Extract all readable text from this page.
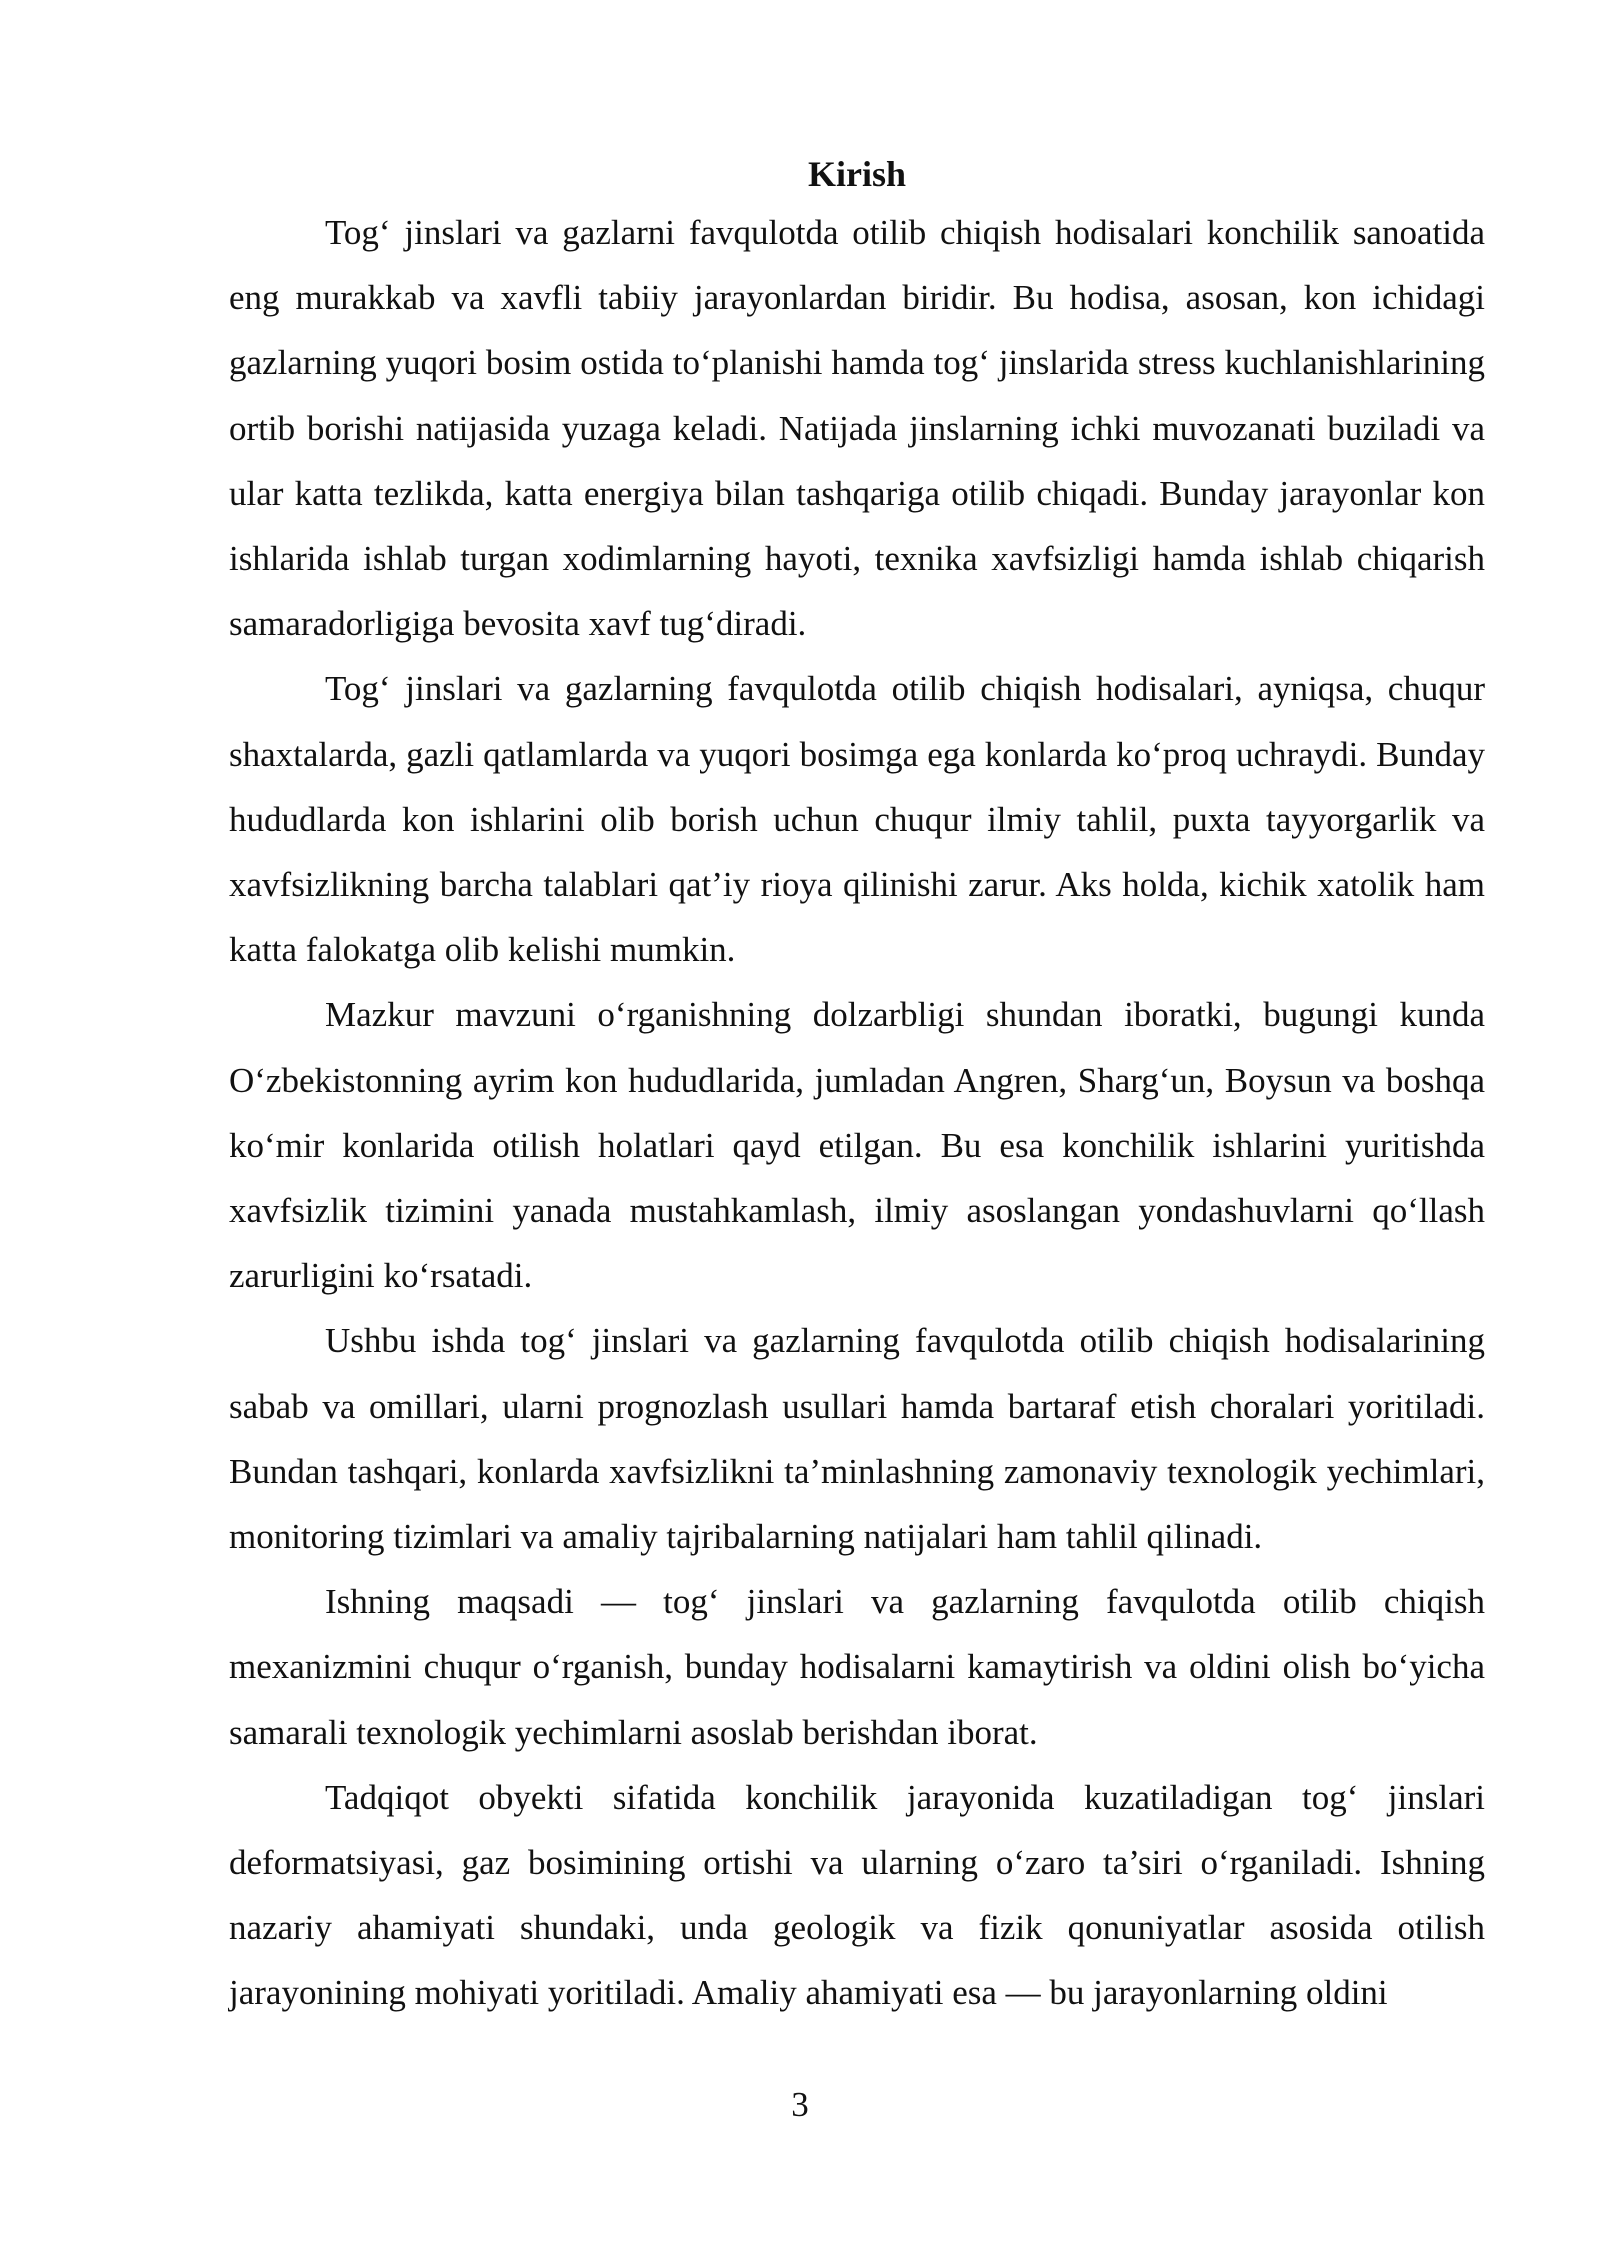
Kirish

Tog‘ jinslari va gazlarni favqulotda otilib chiqish hodisalari konchilik sanoatida eng murakkab va xavfli tabiiy jarayonlardan biridir. Bu hodisa, asosan, kon ichidagi gazlarning yuqori bosim ostida to‘planishi hamda tog‘ jinslarida stress kuchlanishlarining ortib borishi natijasida yuzaga keladi. Natijada jinslarning ichki muvozanati buziladi va ular katta tezlikda, katta energiya bilan tashqariga otilib chiqadi. Bunday jarayonlar kon ishlarida ishlab turgan xodimlarning hayoti, texnika xavfsizligi hamda ishlab chiqarish samaradorligiga bevosita xavf tug‘diradi.

Tog‘ jinslari va gazlarning favqulotda otilib chiqish hodisalari, ayniqsa, chuqur shaxtalarda, gazli qatlamlarda va yuqori bosimga ega konlarda ko‘proq uchraydi. Bunday hududlarda kon ishlarini olib borish uchun chuqur ilmiy tahlil, puxta tayyorgarlik va xavfsizlikning barcha talablari qat’iy rioya qilinishi zarur. Aks holda, kichik xatolik ham katta falokatga olib kelishi mumkin.

Mazkur mavzuni o‘rganishning dolzarbligi shundan iboratki, bugungi kunda O‘zbekistonning ayrim kon hududlarida, jumladan Angren, Sharg‘un, Boysun va boshqa ko‘mir konlarida otilish holatlari qayd etilgan. Bu esa konchilik ishlarini yuritishda xavfsizlik tizimini yanada mustahkamlash, ilmiy asoslangan yondashuvlarni qo‘llash zarurligini ko‘rsatadi.

Ushbu ishda tog‘ jinslari va gazlarning favqulotda otilib chiqish hodisalarining sabab va omillari, ularni prognozlash usullari hamda bartaraf etish choralari yoritiladi. Bundan tashqari, konlarda xavfsizlikni ta’minlashning zamonaviy texnologik yechimlari, monitoring tizimlari va amaliy tajribalarning natijalari ham tahlil qilinadi.

Ishning maqsadi — tog‘ jinslari va gazlarning favqulotda otilib chiqish mexanizmini chuqur o‘rganish, bunday hodisalarni kamaytirish va oldini olish bo‘yicha samarali texnologik yechimlarni asoslab berishdan iborat.

Tadqiqot obyekti sifatida konchilik jarayonida kuzatiladigan tog‘ jinslari deformatsiyasi, gaz bosimining ortishi va ularning o‘zaro ta’siri o‘rganiladi. Ishning nazariy ahamiyati shundaki, unda geologik va fizik qonuniyatlar asosida otilish jarayonining mohiyati yoritiladi. Amaliy ahamiyati esa — bu jarayonlarning oldini

3
